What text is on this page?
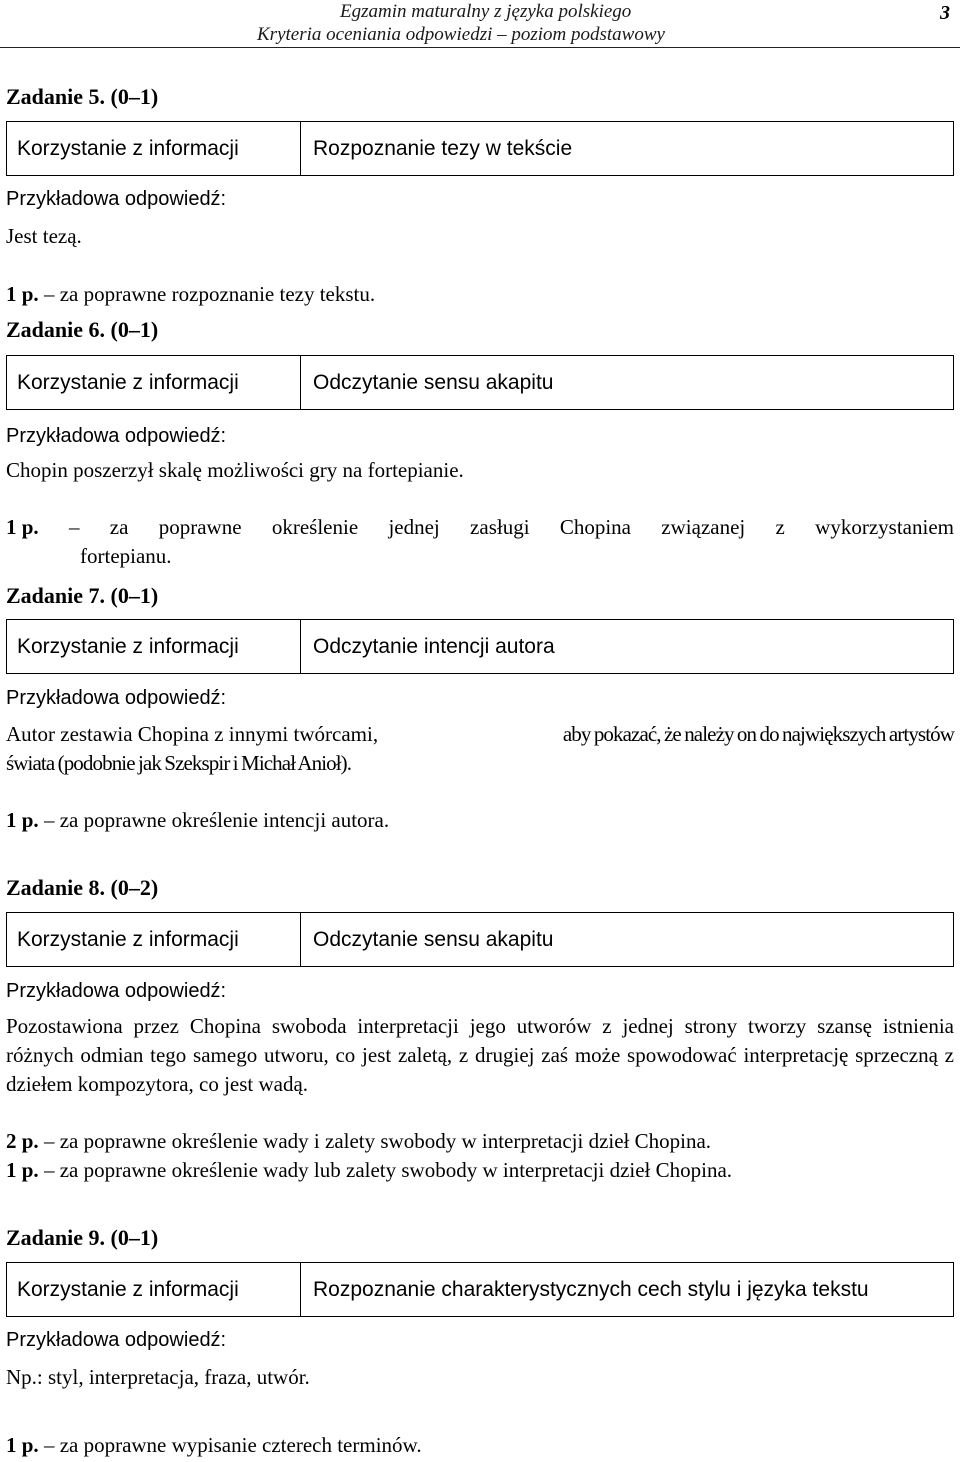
Egzamin maturalny z języka polskiego
Kryteria oceniania odpowiedzi – poziom podstawowy
3
Zadanie 5. (0–1)
Korzystanie z informacji	Rozpoznanie tezy w tekście
Przykładowa odpowiedź:
Jest tezą.
1 p. – za poprawne rozpoznanie tezy tekstu.
Zadanie 6. (0–1)
Korzystanie z informacji	Odczytanie sensu akapitu
Przykładowa odpowiedź:
Chopin poszerzył skalę możliwości gry na fortepianie.
1 p. – za poprawne określenie jednej zasługi Chopina związanej z wykorzystaniem
fortepianu.
Zadanie 7. (0–1)
Korzystanie z informacji	Odczytanie intencji autora
Przykładowa odpowiedź:
Autor zestawia Chopina z innymi twórcami,	aby pokazać, że należy on do największych artystów
świata (podobnie jak Szekspir i Michał Anioł).
1 p. – za poprawne określenie intencji autora.
Zadanie 8. (0–2)
Korzystanie z informacji	Odczytanie sensu akapitu
Przykładowa odpowiedź:
Pozostawiona przez Chopina swoboda interpretacji jego utworów z jednej strony tworzy szansę istnienia różnych odmian tego samego utworu, co jest zaletą, z drugiej zaś może spowodować interpretację sprzeczną z dziełem kompozytora, co jest wadą.
2 p. – za poprawne określenie wady i zalety swobody w interpretacji dzieł Chopina.
1 p. – za poprawne określenie wady lub zalety swobody w interpretacji dzieł Chopina.
Zadanie 9. (0–1)
Korzystanie z informacji	Rozpoznanie charakterystycznych cech stylu i języka tekstu
Przykładowa odpowiedź:
Np.: styl, interpretacja, fraza, utwór.
1 p. – za poprawne wypisanie czterech terminów.
